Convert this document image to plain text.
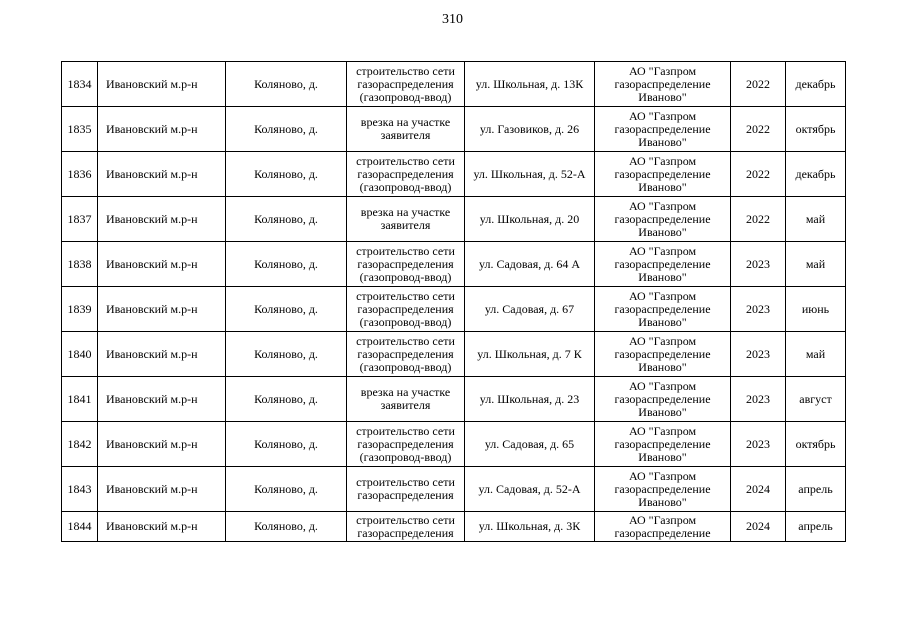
310
1834	Ивановский м.р-н	Коляново, д.	строительство сети газораспределения (газопровод-ввод)	ул. Школьная, д. 13К	АО "Газпром газораспределение Иваново"	2022	декабрь

1835	Ивановский м.р-н	Коляново, д.	врезка на участке заявителя	ул. Газовиков, д. 26	АО "Газпром газораспределение Иваново"	2022	октябрь

1836	Ивановский м.р-н	Коляново, д.	строительство сети газораспределения (газопровод-ввод)	ул. Школьная, д. 52-А	АО "Газпром газораспределение Иваново"	2022	декабрь

1837	Ивановский м.р-н	Коляново, д.	врезка на участке заявителя	ул. Школьная, д. 20	АО "Газпром газораспределение Иваново"	2022	май

1838	Ивановский м.р-н	Коляново, д.	строительство сети газораспределения (газопровод-ввод)	ул. Садовая, д. 64 А	АО "Газпром газораспределение Иваново"	2023	май

1839	Ивановский м.р-н	Коляново, д.	строительство сети газораспределения (газопровод-ввод)	ул. Садовая, д. 67	АО "Газпром газораспределение Иваново"	2023	июнь

1840	Ивановский м.р-н	Коляново, д.	строительство сети газораспределения (газопровод-ввод)	ул. Школьная, д. 7 К	АО "Газпром газораспределение Иваново"	2023	май

1841	Ивановский м.р-н	Коляново, д.	врезка на участке заявителя	ул. Школьная, д. 23	АО "Газпром газораспределение Иваново"	2023	август

1842	Ивановский м.р-н	Коляново, д.	строительство сети газораспределения (газопровод-ввод)	ул. Садовая, д. 65	АО "Газпром газораспределение Иваново"	2023	октябрь

1843	Ивановский м.р-н	Коляново, д.	строительство сети газораспределения	ул. Садовая, д. 52-А	АО "Газпром газораспределение Иваново"	2024	апрель

1844	Ивановский м.р-н	Коляново, д.	строительство сети газораспределения	ул. Школьная, д. 3К	АО "Газпром газораспределение	2024	апрель
